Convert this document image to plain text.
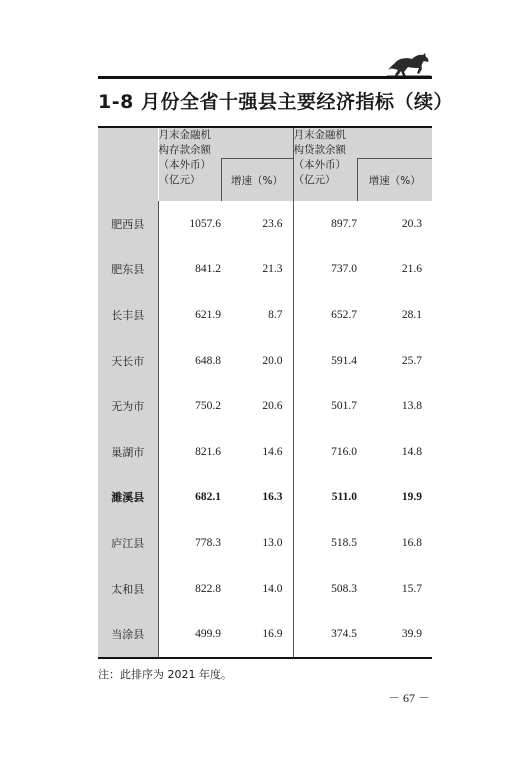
1-8 月份全省十强县主要经济指标（续）

	月末金融机
构存款余额
（本外币）
（亿元）		月末金融机
构贷款余额
（本外币）
（亿元）	

		增速（%）		增速（%）
肥西县	1057.6	23.6	897.7	20.3
肥东县	841.2	21.3	737.0	21.6
长丰县	621.9	8.7	652.7	28.1
天长市	648.8	20.0	591.4	25.7
无为市	750.2	20.6	501.7	13.8
巢湖市	821.6	14.6	716.0	14.8
濉溪县	682.1	16.3	511.0	19.9
庐江县	778.3	13.0	518.5	16.8
太和县	822.8	14.0	508.3	15.7
当涂县	499.9	16.9	374.5	39.9
注：此排序为 2021 年度。
－ 67 －
